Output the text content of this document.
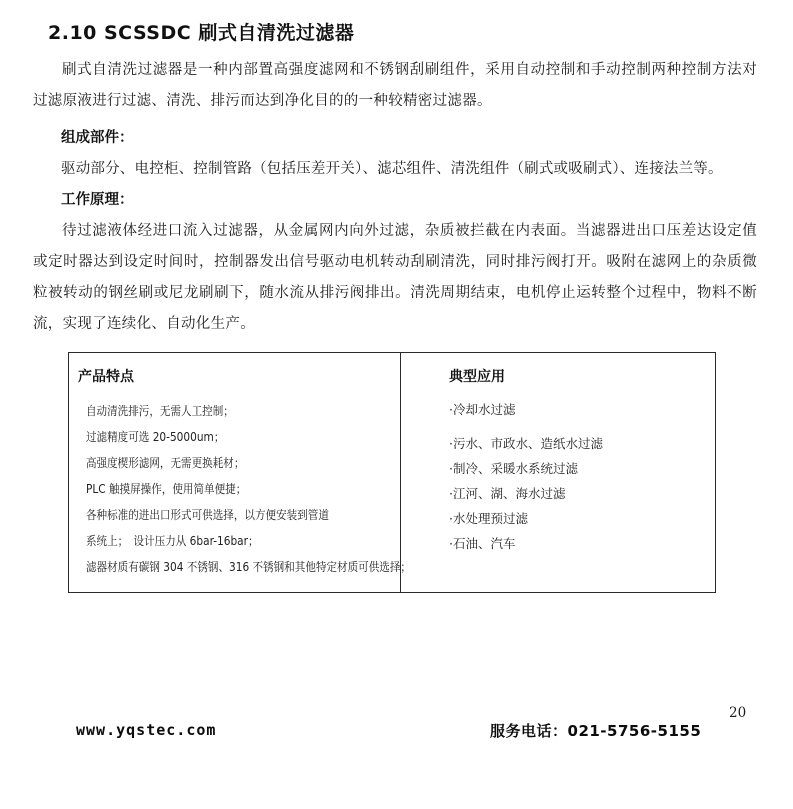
2.10 SCSSDC 刷式自清洗过滤器

刷式自清洗过滤器是一种内部置高强度滤网和不锈钢刮刷组件，采用自动控制和手动控制两种控制方法对过滤原液进行过滤、清洗、排污而达到净化目的的一种较精密过滤器。

组成部件：

驱动部分、电控柜、控制管路（包括压差开关）、滤芯组件、清洗组件（刷式或吸刷式）、连接法兰等。

工作原理：

待过滤液体经进口流入过滤器，从金属网内向外过滤，杂质被拦截在内表面。当滤器进出口压差达设定值或定时器达到设定时间时，控制器发出信号驱动电机转动刮刷清洗，同时排污阀打开。吸附在滤网上的杂质微粒被转动的钢丝刷或尼龙刷刷下，随水流从排污阀排出。清洗周期结束，电机停止运转整个过程中，物料不断流，实现了连续化、自动化生产。

产品特点
自动清洗排污，无需人工控制；
过滤精度可选 20-5000um；
高强度楔形滤网，无需更换耗材；
PLC 触摸屏操作，使用简单便捷；
各种标准的进出口形式可供选择，以方便安装到管道
系统上；　设计压力从 6bar-16bar；
滤器材质有碳钢 304 不锈钢、316 不锈钢和其他特定材质可供选择；
典型应用
·冷却水过滤
·污水、市政水、造纸水过滤
·制冷、采暖水系统过滤
·江河、湖、海水过滤
·水处理预过滤
·石油、汽车
20
www.yqstec.com	服务电话：021-5756-5155
